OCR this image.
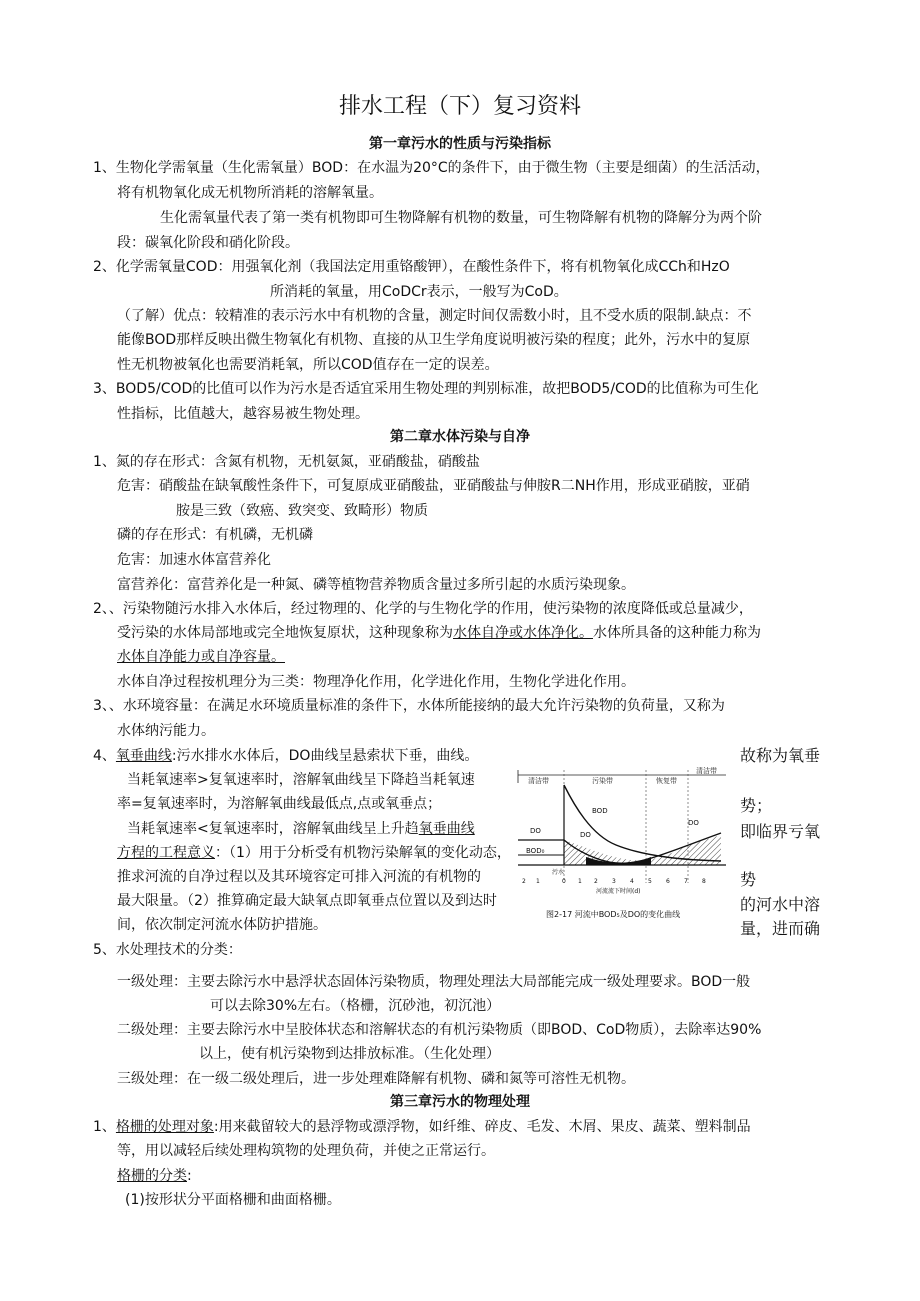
排水工程（下）复习资料
第一章污水的性质与污染指标
1、生物化学需氧量（生化需氧量）BOD：在水温为20°C的条件下，由于微生物（主要是细菌）的生活活动，
将有机物氧化成无机物所消耗的溶解氧量。
生化需氧量代表了第一类有机物即可生物降解有机物的数量，可生物降解有机物的降解分为两个阶
段：碳氧化阶段和硝化阶段。
2、化学需氧量COD：用强氧化剂（我国法定用重铬酸钾），在酸性条件下，将有机物氧化成CCh和HzO
所消耗的氧量，用CoDCr表示，一般写为CoD。
（了解）优点：较精准的表示污水中有机物的含量，测定时间仅需数小时，且不受水质的限制.缺点：不
能像BOD那样反映出微生物氧化有机物、直接的从卫生学角度说明被污染的程度；此外，污水中的复原
性无机物被氧化也需要消耗氧，所以COD值存在一定的误差。
3、BOD5/COD的比值可以作为污水是否适宜采用生物处理的判别标准，故把BOD5/COD的比值称为可生化
性指标，比值越大，越容易被生物处理。
第二章水体污染与自净
1、氮的存在形式：含氮有机物，无机氨氮，亚硝酸盐，硝酸盐
危害：硝酸盐在缺氧酸性条件下，可复原成亚硝酸盐，亚硝酸盐与伸胺R二NH作用，形成亚硝胺，亚硝
胺是三致（致癌、致突变、致畸形）物质
磷的存在形式：有机磷，无机磷
危害：加速水体富营养化
富营养化：富营养化是一种氮、磷等植物营养物质含量过多所引起的水质污染现象。
2、、污染物随污水排入水体后，经过物理的、化学的与生物化学的作用，使污染物的浓度降低或总量减少，
受污染的水体局部地或完全地恢复原状，这种现象称为水体自净或水体净化。水体所具备的这种能力称为
水体自净能力或自净容量。
水体自净过程按机理分为三类：物理净化作用，化学进化作用，生物化学进化作用。
3、、水环境容量：在满足水环境质量标准的条件下，水体所能接纳的最大允许污染物的负荷量，又称为
水体纳污能力。
4、氧垂曲线:污水排水水体后，DO曲线呈悬索状下垂，曲线。
当耗氧速率>复氧速率时，溶解氧曲线呈下降趋当耗氧速
率=复氧速率时，为溶解氧曲线最低点,点或氧垂点；
当耗氧速率<复氧速率时，溶解氧曲线呈上升趋氧垂曲线
方程的工程意义：（1）用于分析受有机物污染解氧的变化动态，
推求河流的自净过程以及其环境容定可排入河流的有机物的
最大限量。（2）推算确定最大缺氧点即氧垂点位置以及到达时
间，依次制定河流水体防护措施。
故称为氧垂
势；
即临界亏氧
势
的河水中溶
量，进而确
清洁带	污染带	恢复带
清洁带
BOD
DO	DO
DO
BOD₀
污水
2 1	0 1 2 3 4 5 6 7 8
河流流下时间(d)
图2-17 河流中BOD₅及DO的变化曲线
5、水处理技术的分类：
一级处理：主要去除污水中悬浮状态固体污染物质，物理处理法大局部能完成一级处理要求。BOD一般
可以去除30%左右。（格栅，沉砂池，初沉池）
二级处理：主要去除污水中呈胶体状态和溶解状态的有机污染物质（即BOD、CoD物质），去除率达90%
以上，使有机污染物到达排放标准。（生化处理）
三级处理：在一级二级处理后，进一步处理难降解有机物、磷和氮等可溶性无机物。
第三章污水的物理处理
1、格栅的处理对象:用来截留较大的悬浮物或漂浮物，如纤维、碎皮、毛发、木屑、果皮、蔬菜、塑料制品
等，用以减轻后续处理构筑物的处理负荷，并使之正常运行。
格栅的分类:
(1)按形状分平面格栅和曲面格栅。
